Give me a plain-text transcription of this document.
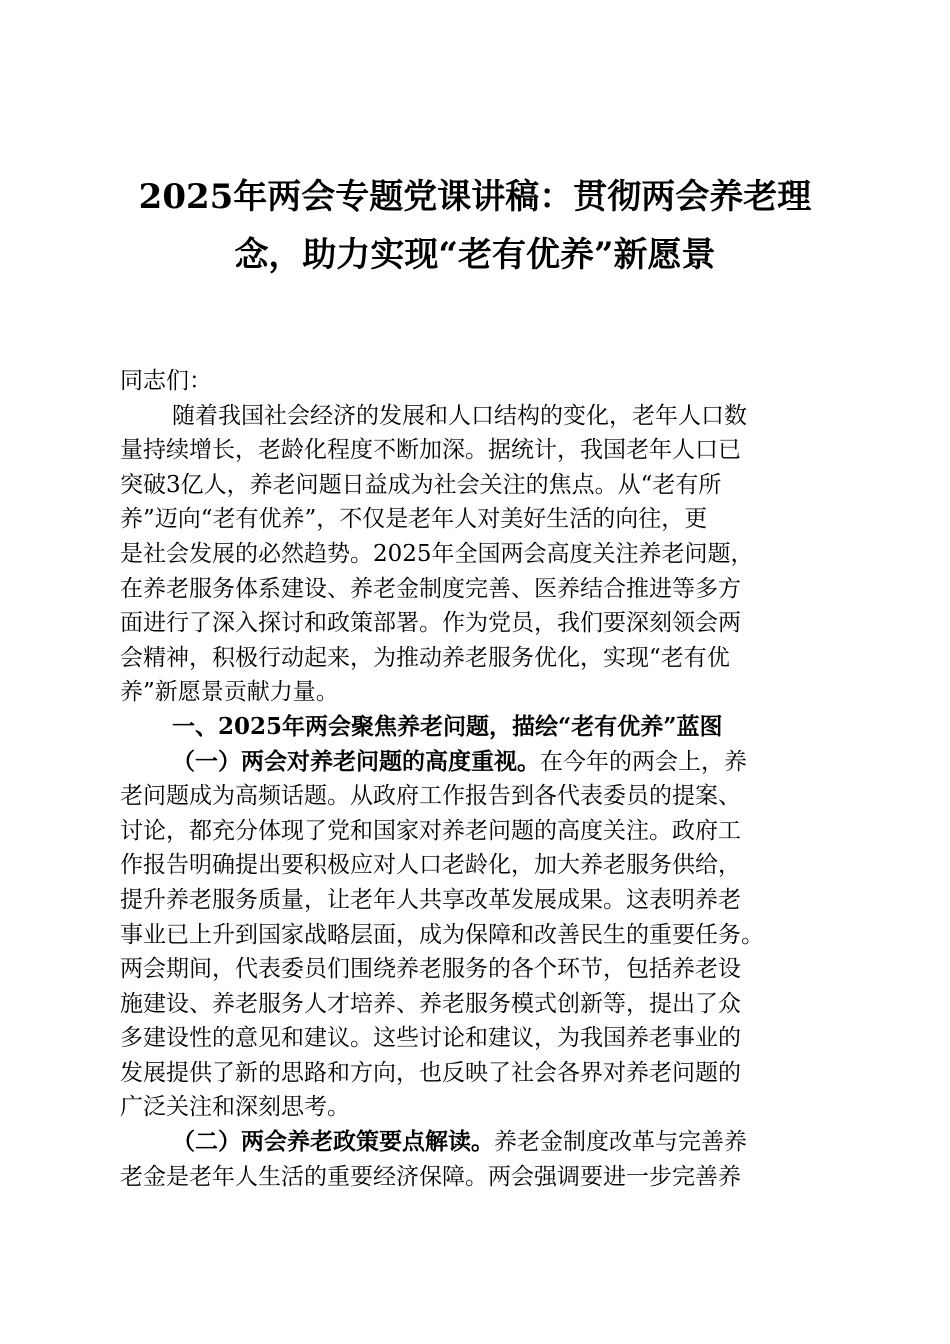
2025年两会专题党课讲稿：贯彻两会养老理
念，助力实现“老有优养”新愿景
同志们：
随着我国社会经济的发展和人口结构的变化，老年人口数
量持续增长，老龄化程度不断加深。据统计，我国老年人口已
突破3亿人，养老问题日益成为社会关注的焦点。从“老有所
养”迈向“老有优养”，不仅是老年人对美好生活的向往，更
是社会发展的必然趋势。2025年全国两会高度关注养老问题，
在养老服务体系建设、养老金制度完善、医养结合推进等多方
面进行了深入探讨和政策部署。作为党员，我们要深刻领会两
会精神，积极行动起来，为推动养老服务优化，实现“老有优
养”新愿景贡献力量。
一、2025年两会聚焦养老问题，描绘“老有优养”蓝图
（一）两会对养老问题的高度重视。在今年的两会上，养
老问题成为高频话题。从政府工作报告到各代表委员的提案、
讨论，都充分体现了党和国家对养老问题的高度关注。政府工
作报告明确提出要积极应对人口老龄化，加大养老服务供给，
提升养老服务质量，让老年人共享改革发展成果。这表明养老
事业已上升到国家战略层面，成为保障和改善民生的重要任务。
两会期间，代表委员们围绕养老服务的各个环节，包括养老设
施建设、养老服务人才培养、养老服务模式创新等，提出了众
多建设性的意见和建议。这些讨论和建议，为我国养老事业的
发展提供了新的思路和方向，也反映了社会各界对养老问题的
广泛关注和深刻思考。
（二）两会养老政策要点解读。养老金制度改革与完善养
老金是老年人生活的重要经济保障。两会强调要进一步完善养
